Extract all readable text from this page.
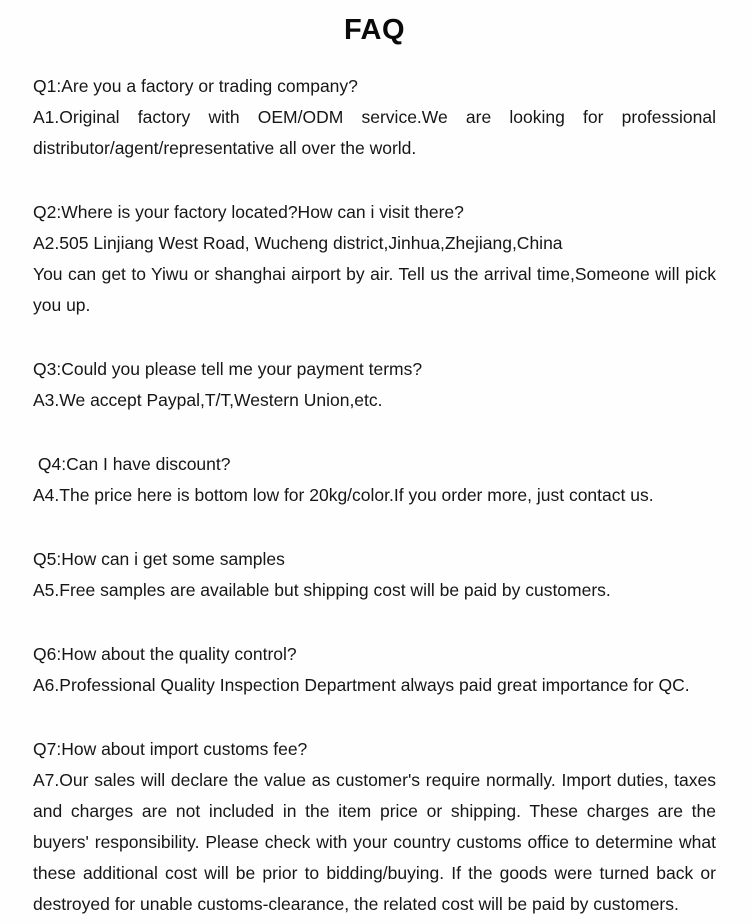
FAQ

Q1:Are you a factory or trading company?

A1.Original factory with OEM/ODM service.We are looking for professional distributor/agent/representative all over the world.

Q2:Where is your factory located?How can i visit there?

A2.505 Linjiang West Road, Wucheng district,Jinhua,Zhejiang,China

You can get to Yiwu or shanghai airport by air. Tell us the arrival time,Someone will pick you up.

Q3:Could you please tell me your payment terms?

A3.We accept Paypal,T/T,Western Union,etc.

Q4:Can I have discount?

A4.The price here is bottom low for 20kg/color.If you order more, just contact us.

Q5:How can i get some samples

A5.Free samples are available but shipping cost will be paid by customers.

Q6:How about the quality control?

A6.Professional Quality Inspection Department always paid great importance for QC.

Q7:How about import customs fee?

A7.Our sales will declare the value as customer's require normally. Import duties, taxes and charges are not included in the item price or shipping. These charges are the buyers' responsibility. Please check with your country customs office to determine what these additional cost will be prior to bidding/buying. If the goods were turned back or destroyed for unable customs-clearance, the related cost will be paid by customers.
